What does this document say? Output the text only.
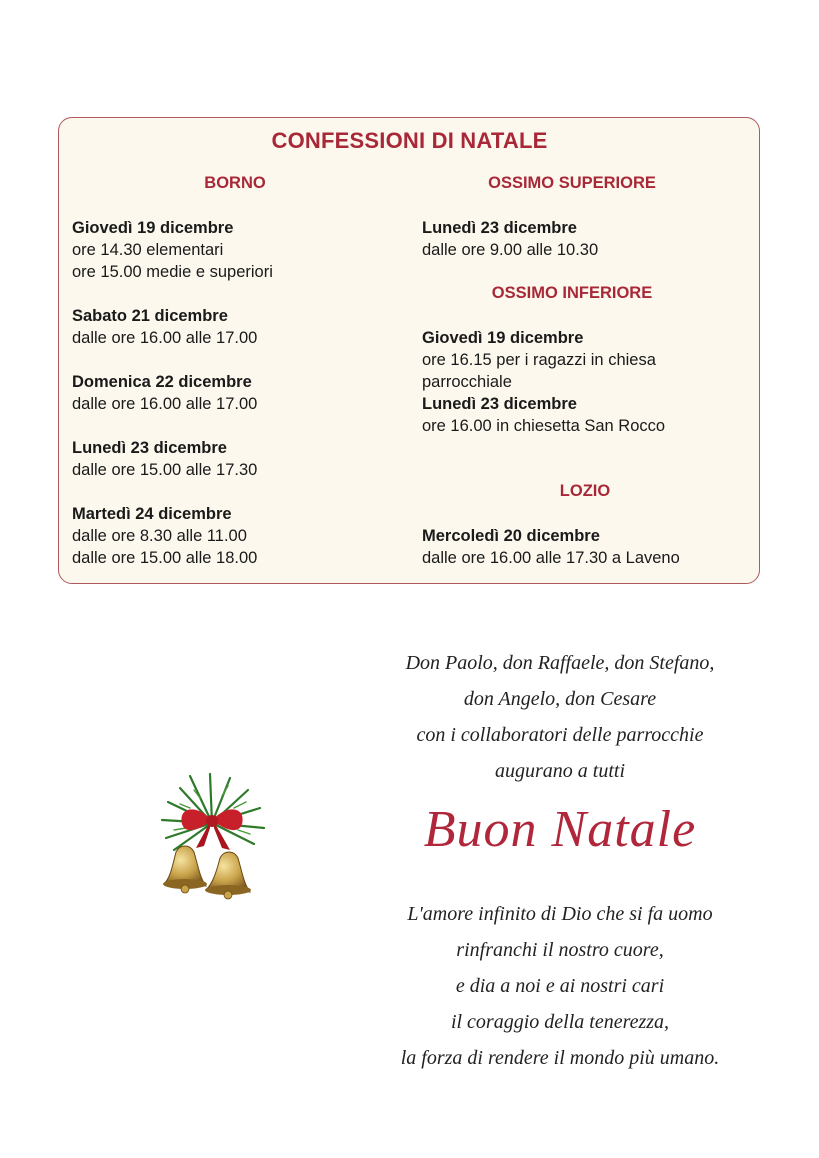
CONFESSIONI DI NATALE
BORNO
Giovedì 19 dicembre
ore 14.30 elementari
ore 15.00 medie e superiori
Sabato 21 dicembre
dalle ore 16.00 alle 17.00
Domenica 22 dicembre
dalle ore 16.00 alle 17.00
Lunedì 23 dicembre
dalle ore 15.00 alle 17.30
Martedì 24 dicembre
dalle ore 8.30 alle 11.00
dalle ore 15.00 alle 18.00
OSSIMO SUPERIORE
Lunedì 23 dicembre
dalle ore 9.00 alle 10.30
OSSIMO INFERIORE
Giovedì 19 dicembre
ore 16.15 per i ragazzi in chiesa
parrocchiale
Lunedì 23 dicembre
ore 16.00 in chiesetta San Rocco
LOZIO
Mercoledì 20 dicembre
dalle ore 16.00 alle 17.30 a Laveno
Don Paolo, don Raffaele, don Stefano,
don Angelo, don Cesare
con i collaboratori delle parrocchie
augurano a tutti
Buon Natale
L'amore infinito di Dio che si fa uomo
rinfranchi il nostro cuore,
e dia a noi e ai nostri cari
il coraggio della tenerezza,
la forza di rendere il mondo più umano.
